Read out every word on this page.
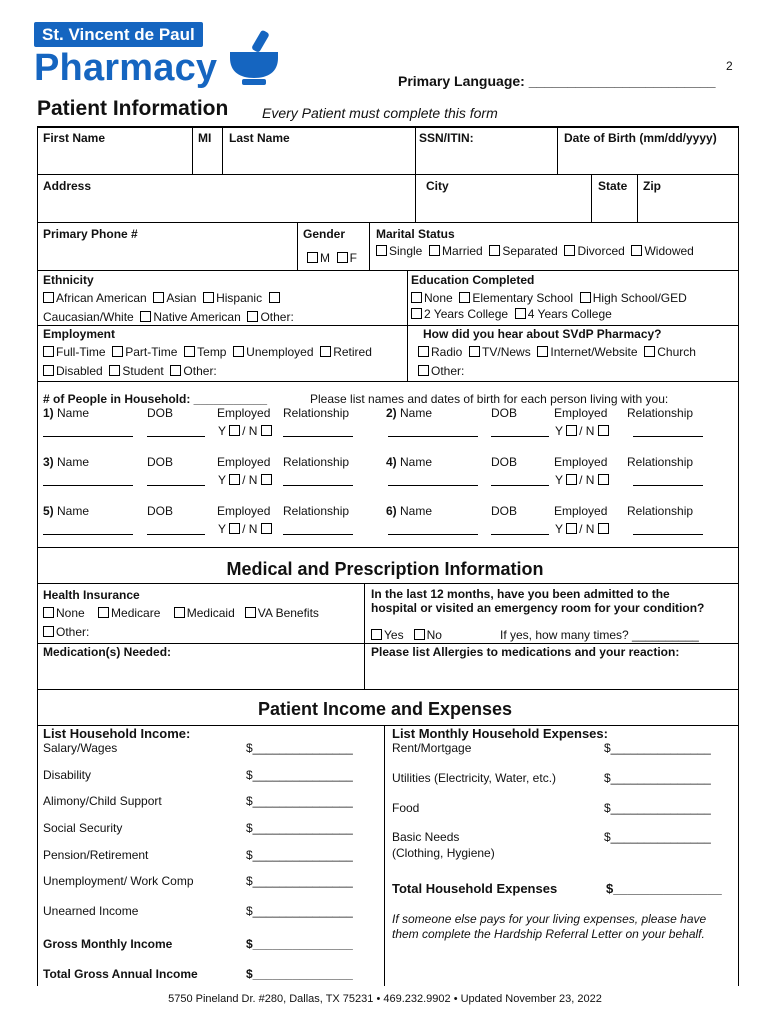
St. Vincent de Paul
Pharmacy	2
Primary Language: ________________________
Patient Information Every Patient must complete this form
First Name	MI Last Name	SSN/ITIN:	Date of Birth (mm/dd/yyyy)
Address	City	State Zip
Primary Phone #	Gender
M F
Marital Status
Single Married Separated Divorced Widowed
Ethnicity
African American Asian Hispanic
Caucasian/White Native American Other:
Education Completed
None Elementary School High School/GED
2 Years College 4 Years College
Employment
Full-Time Part-Time Temp Unemployed Retired
Disabled Student Other:
How did you hear about SVdP Pharmacy?
Radio TV/News Internet/Website Church
Other:
# of People in Household: ___________	Please list names and dates of birth for each person living with you:
1) Name	DOB	Employed Relationship
Y / N
2) Name	DOB	Employed Relationship
Y / N
3) Name	DOB	Employed Relationship
Y / N
4) Name	DOB	Employed Relationship
Y / N
5) Name	DOB	Employed Relationship
Y / N
6) Name	DOB	Employed Relationship
Y / N
Medical and Prescription Information
Health Insurance
None Medicare Medicaid VA Benefits
Other:
In the last 12 months, have you been admitted to the
hospital or visited an emergency room for your condition?
Yes No	If yes, how many times? __________
Medication(s) Needed:	Please list Allergies to medications and your reaction:
Patient Income and Expenses
List Household Income:	List Monthly Household Expenses:
Salary/Wages	$_______________
Disability	$_______________
Alimony/Child Support	$_______________
Social Security	$_______________
Pension/Retirement	$_______________
Unemployment/ Work Comp	$_______________
Unearned Income	$_______________
Gross Monthly Income	$_______________
Total Gross Annual Income	$_______________
Rent/Mortgage	$_______________
Utilities (Electricity, Water, etc.)	$_______________
Food	$_______________
Basic Needs
(Clothing, Hygiene)
$_______________
Total Household Expenses	$_______________
If someone else pays for your living expenses, please have
them complete the Hardship Referral Letter on your behalf.
5750 Pineland Dr. #280, Dallas, TX 75231 • 469.232.9902 • Updated November 23, 2022
